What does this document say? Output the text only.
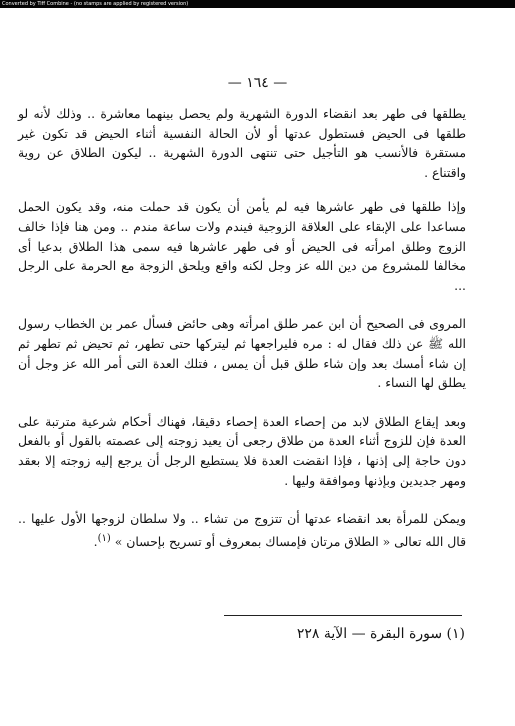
Converted by Tiff Combine - (no stamps are applied by registered version)
— ١٦٤ —

يطلقها فى طهر بعد انقضاء الدورة الشهرية ولم يحصل بينهما معاشرة .. وذلك لأنه لو طلقها فى الحيض فستطول عدتها أو لأن الحالة النفسية أثناء الحيض قد تكون غير مستقرة فالأنسب هو التأجيل حتى تنتهى الدورة الشهرية .. ليكون الطلاق عن روية واقتناع .

وإذا طلقها فى طهر عاشرها فيه لم يأمن أن يكون قد حملت منه، وقد يكون الحمل مساعدا على الإبقاء على العلاقة الزوجية فيندم ولات ساعة مندم .. ومن هنا فإذا خالف الزوج وطلق امرأته فى الحيض أو فى طهر عاشرها فيه سمى هذا الطلاق بدعيا أى مخالفا للمشروع من دين الله عز وجل لكنه واقع ويلحق الزوجة مع الحرمة على الرجل ...

المروى فى الصحيح أن ابن عمر طلق امرأته وهى حائض فسأل عمر بن الخطاب رسول الله ﷺ عن ذلك فقال له : مره فليراجعها ثم ليتركها حتى تطهر، ثم تحيض ثم تطهر ثم إن شاء أمسك بعد وإن شاء طلق قبل أن يمس ، فتلك العدة التى أمر الله عز وجل أن يطلق لها النساء .

وبعد إيقاع الطلاق لابد من إحصاء العدة إحصاء دقيقا، فهناك أحكام شرعية مترتبة على العدة فإن للزوج أثناء العدة من طلاق رجعى أن يعيد زوجته إلى عصمته بالقول أو بالفعل دون حاجة إلى إذنها ، فإذا انقضت العدة فلا يستطيع الرجل أن يرجع إليه زوجته إلا بعقد ومهر جديدين وبإذنها وموافقة وليها .

ويمكن للمرأة بعد انقضاء عدتها أن تتزوج من تشاء .. ولا سلطان لزوجها الأول عليها .. قال الله تعالى « الطلاق مرتان فإمساك بمعروف أو تسريح بإحسان » $^{(١)}$.

(١) سورة البقرة — الآية ٢٢٨
